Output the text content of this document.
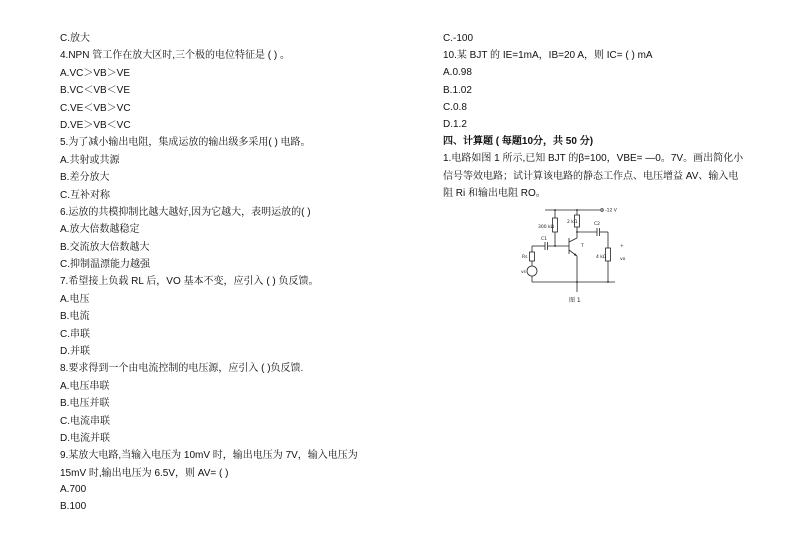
C.放大
4.NPN 管工作在放大区时,三个极的电位特征是 ( ) 。
A.VC＞VB＞VE
B.VC＜VB＜VE
C.VE＜VB＞VC
D.VE＞VB＜VC
5.为了减小输出电阻，集成运放的输出级多采用( ) 电路。
A.共射或共源
B.差分放大
C.互补对称
6.运放的共模抑制比越大越好,因为它越大，表明运放的( )
A.放大倍数越稳定
B.交流放大倍数越大
C.抑制温漂能力越强
7.希望接上负载 RL 后，VO 基本不变，应引入 ( ) 负反馈。
A.电压
B.电流
C.串联
D.并联
8.要求得到一个由电流控制的电压源，应引入 ( )负反馈.
A.电压串联
B.电压并联
C.电流串联
D.电流并联
9.某放大电路,当输入电压为 10mV 时，输出电压为 7V，输入电压为
15mV 时,输出电压为 6.5V，则 AV= ( )
A.700
B.100
C.-100
10.某 BJT 的 IE=1mA，IB=20 A，则 IC= ( ) mA
A.0.98
B.1.02
C.0.8
D.1.2
四、计算题 ( 每题10分，共 50 分)
1.电路如图 1 所示,已知 BJT 的β=100，VBE= —0。7V。画出简化小
信号等效电路；试计算该电路的静态工作点、电压增益 AV、输入电
阻 Ri 和输出电阻 RO。
-12 V
300 kΩ
2 kΩ
C1
C2
4 kΩ
Rs
vs
T	+
vo
图 1
